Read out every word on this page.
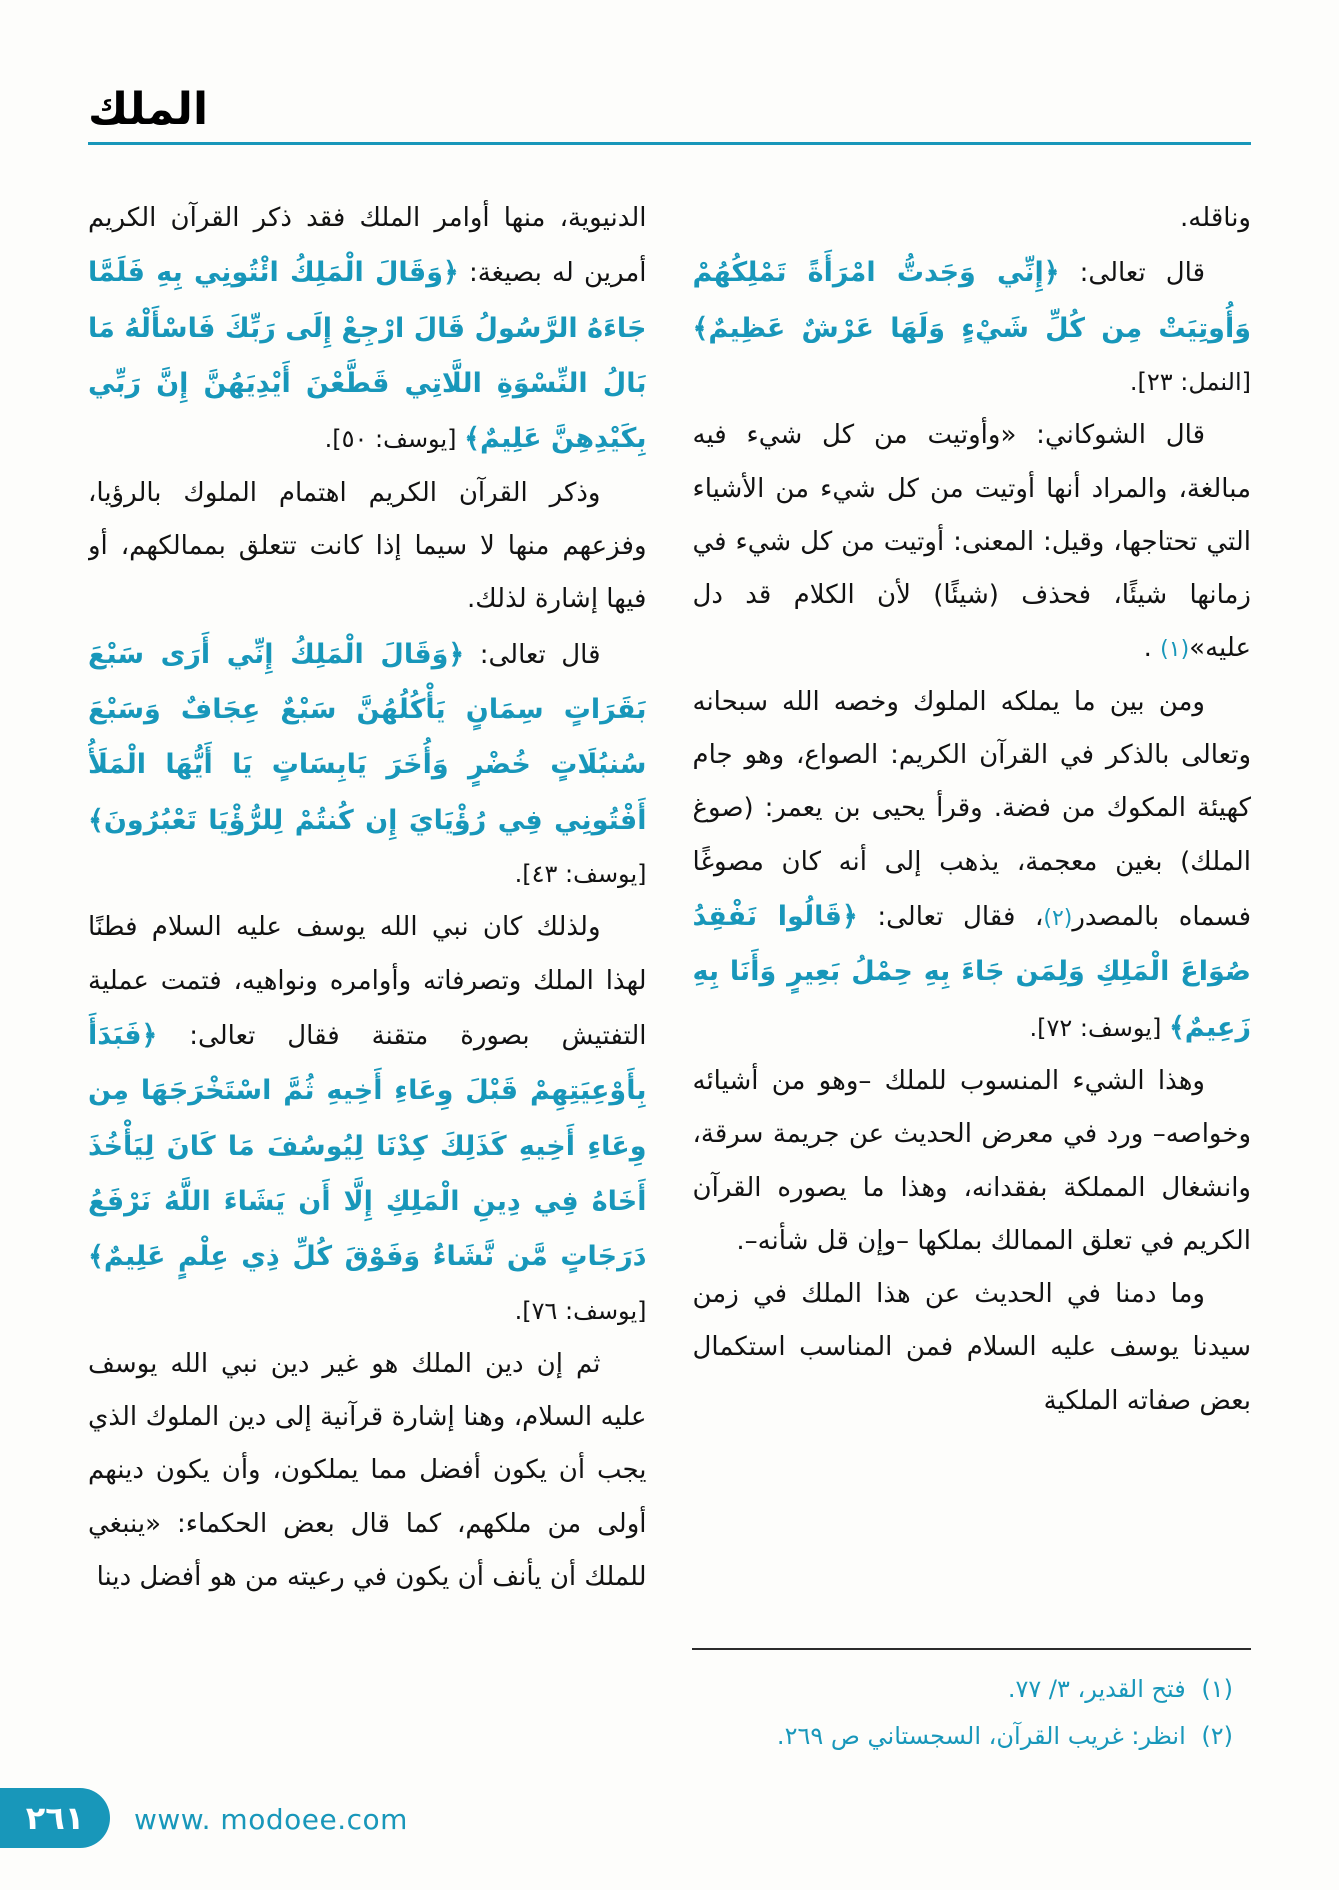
الملك

وناقله.

قال تعالى: ﴿إِنِّي وَجَدتُّ امْرَأَةً تَمْلِكُهُمْ وَأُوتِيَتْ مِن كُلِّ شَيْءٍ وَلَهَا عَرْشٌ عَظِيمٌ﴾ [النمل: ٢٣].

قال الشوكاني: «وأوتيت من كل شيء فيه مبالغة، والمراد أنها أوتيت من كل شيء من الأشياء التي تحتاجها، وقيل: المعنى: أوتيت من كل شيء في زمانها شيئًا، فحذف (شيئًا) لأن الكلام قد دل عليه»(١) .

ومن بين ما يملكه الملوك وخصه الله سبحانه وتعالى بالذكر في القرآن الكريم: الصواع، وهو جام كهيئة المكوك من فضة. وقرأ يحيى بن يعمر: (صوغ الملك) بغين معجمة، يذهب إلى أنه كان مصوغًا فسماه بالمصدر(٢)، فقال تعالى: ﴿قَالُوا نَفْقِدُ صُوَاعَ الْمَلِكِ وَلِمَن جَاءَ بِهِ حِمْلُ بَعِيرٍ وَأَنَا بِهِ زَعِيمٌ﴾ [يوسف: ٧٢].

وهذا الشيء المنسوب للملك –وهو من أشيائه وخواصه– ورد في معرض الحديث عن جريمة سرقة، وانشغال المملكة بفقدانه، وهذا ما يصوره القرآن الكريم في تعلق الممالك بملكها –وإن قل شأنه–.

وما دمنا في الحديث عن هذا الملك في زمن سيدنا يوسف عليه السلام فمن المناسب استكمال بعض صفاته الملكية

الدنيوية، منها أوامر الملك فقد ذكر القرآن الكريم أمرين له بصيغة: ﴿وَقَالَ الْمَلِكُ ائْتُونِي بِهِ فَلَمَّا جَاءَهُ الرَّسُولُ قَالَ ارْجِعْ إِلَى رَبِّكَ فَاسْأَلْهُ مَا بَالُ النِّسْوَةِ اللَّاتِي قَطَّعْنَ أَيْدِيَهُنَّ إِنَّ رَبِّي بِكَيْدِهِنَّ عَلِيمٌ﴾ [يوسف: ٥٠].

وذكر القرآن الكريم اهتمام الملوك بالرؤيا، وفزعهم منها لا سيما إذا كانت تتعلق بممالكهم، أو فيها إشارة لذلك.

قال تعالى: ﴿وَقَالَ الْمَلِكُ إِنِّي أَرَى سَبْعَ بَقَرَاتٍ سِمَانٍ يَأْكُلُهُنَّ سَبْعٌ عِجَافٌ وَسَبْعَ سُنبُلَاتٍ خُضْرٍ وَأُخَرَ يَابِسَاتٍ يَا أَيُّهَا الْمَلَأُ أَفْتُونِي فِي رُؤْيَايَ إِن كُنتُمْ لِلرُّؤْيَا تَعْبُرُونَ﴾ [يوسف: ٤٣].

ولذلك كان نبي الله يوسف عليه السلام فطنًا لهذا الملك وتصرفاته وأوامره ونواهيه، فتمت عملية التفتيش بصورة متقنة فقال تعالى: ﴿فَبَدَأَ بِأَوْعِيَتِهِمْ قَبْلَ وِعَاءِ أَخِيهِ ثُمَّ اسْتَخْرَجَهَا مِن وِعَاءِ أَخِيهِ كَذَلِكَ كِدْنَا لِيُوسُفَ مَا كَانَ لِيَأْخُذَ أَخَاهُ فِي دِينِ الْمَلِكِ إِلَّا أَن يَشَاءَ اللَّهُ نَرْفَعُ دَرَجَاتٍ مَّن نَّشَاءُ وَفَوْقَ كُلِّ ذِي عِلْمٍ عَلِيمٌ﴾ [يوسف: ٧٦].

ثم إن دين الملك هو غير دين نبي الله يوسف عليه السلام، وهنا إشارة قرآنية إلى دين الملوك الذي يجب أن يكون أفضل مما يملكون، وأن يكون دينهم أولى من ملكهم، كما قال بعض الحكماء: «ينبغي للملك أن يأنف أن يكون في رعيته من هو أفضل دينا

(١) فتح القدير، ٣/ ٧٧.
(٢) انظر: غريب القرآن، السجستاني ص ٢٦٩.
٢٦١ www. modoee.com
